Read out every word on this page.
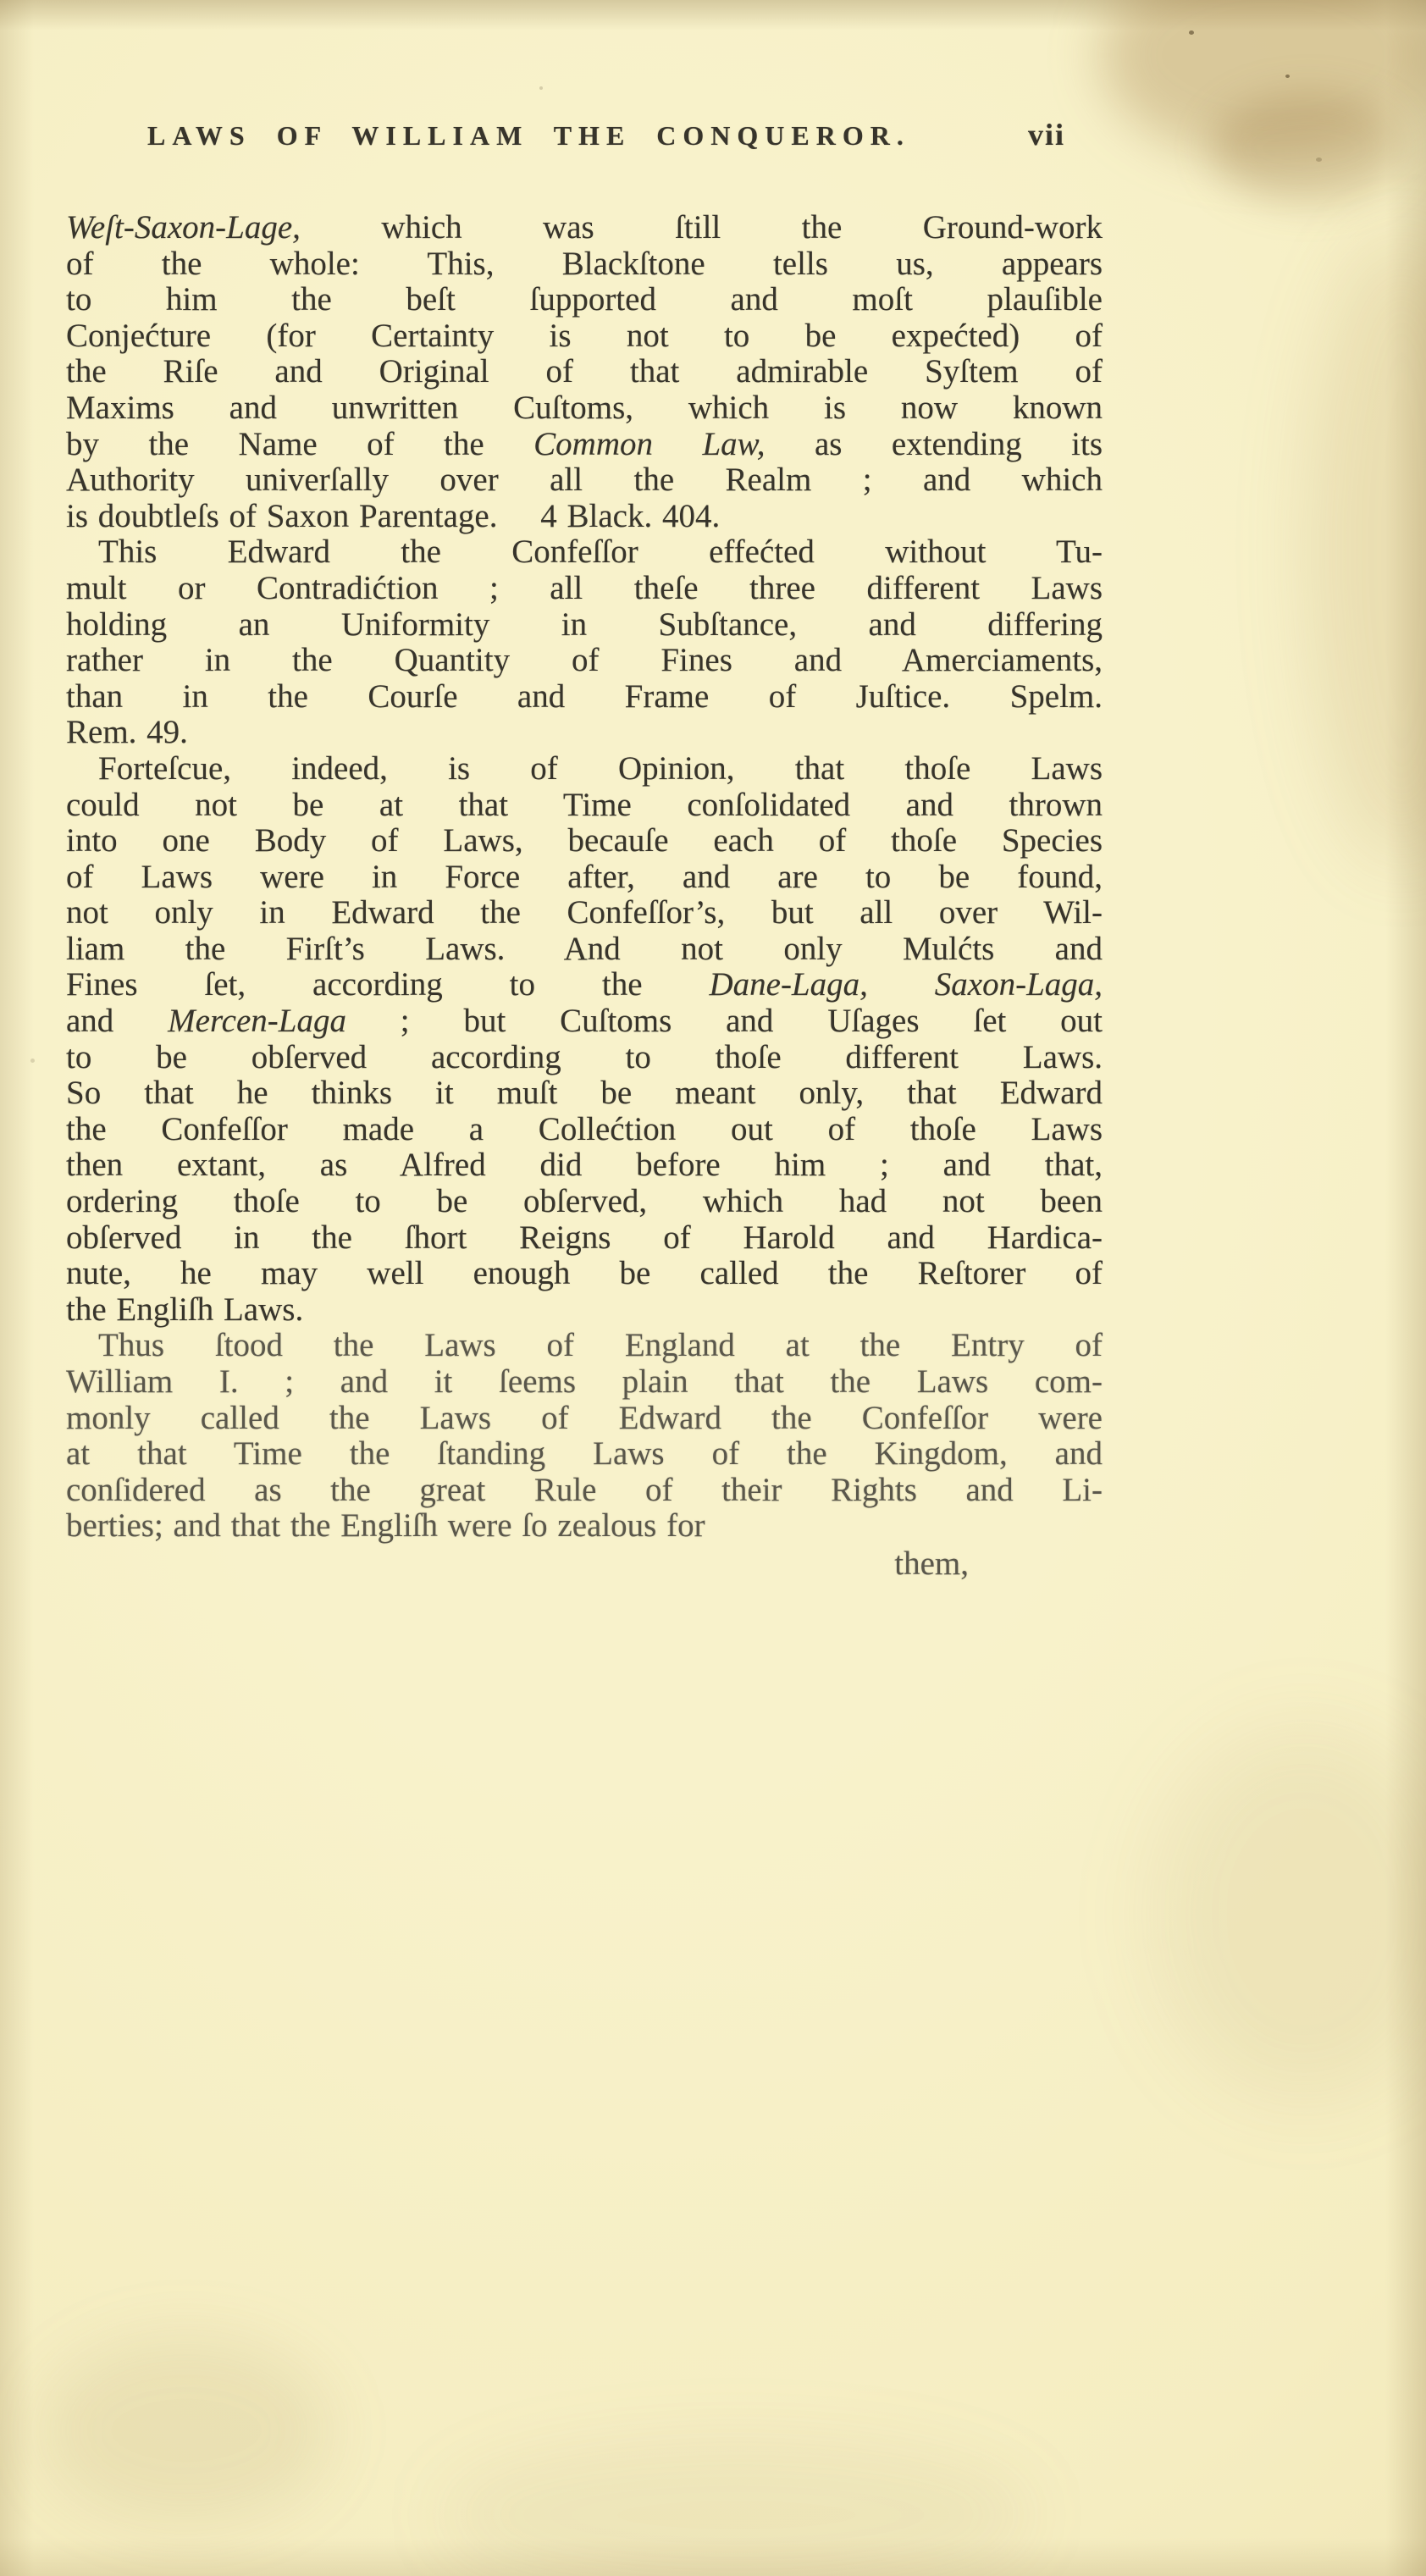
LAWS OF WILLIAM THE CONQUEROR.	vii
Weſt-Saxon-Lage, which was ſtill the Ground-work
of the whole: This, Blackſtone tells us, appears
to him the beſt ſupported and moſt plauſible
Conjećture (for Certainty is not to be expećted) of
the Riſe and Original of that admirable Syſtem of
Maxims and unwritten Cuſtoms, which is now known
by the Name of the Common Law, as extending its
Authority univerſally over all the Realm ; and which
is doubtleſs of Saxon Parentage.  4 Black. 404.
This Edward the Confeſſor effećted without Tu-
mult or Contradićtion ; all theſe three different Laws
holding an Uniformity in Subſtance, and differing
rather in the Quantity of Fines and Amerciaments,
than in the Courſe and Frame of Juſtice. Spelm.
Rem. 49.
Forteſcue, indeed, is of Opinion, that thoſe Laws
could not be at that Time conſolidated and thrown
into one Body of Laws, becauſe each of thoſe Species
of Laws were in Force after, and are to be found,
not only in Edward the Confeſſor’s, but all over Wil-
liam the Firſt’s Laws. And not only Mulćts and
Fines ſet, according to the Dane-Laga, Saxon-Laga,
and Mercen-Laga ; but Cuſtoms and Uſages ſet out
to be obſerved according to thoſe different Laws.
So that he thinks it muſt be meant only, that Edward
the Confeſſor made a Collećtion out of thoſe Laws
then extant, as Alfred did before him ; and that,
ordering thoſe to be obſerved, which had not been
obſerved in the ſhort Reigns of Harold and Hardica-
nute, he may well enough be called the Reſtorer of
the Engliſh Laws.
Thus ſtood the Laws of England at the Entry of
William I. ; and it ſeems plain that the Laws com-
monly called the Laws of Edward the Confeſſor were
at that Time the ſtanding Laws of the Kingdom, and
conſidered as the great Rule of their Rights and Li-
berties; and that the Engliſh were ſo zealous for
them,
